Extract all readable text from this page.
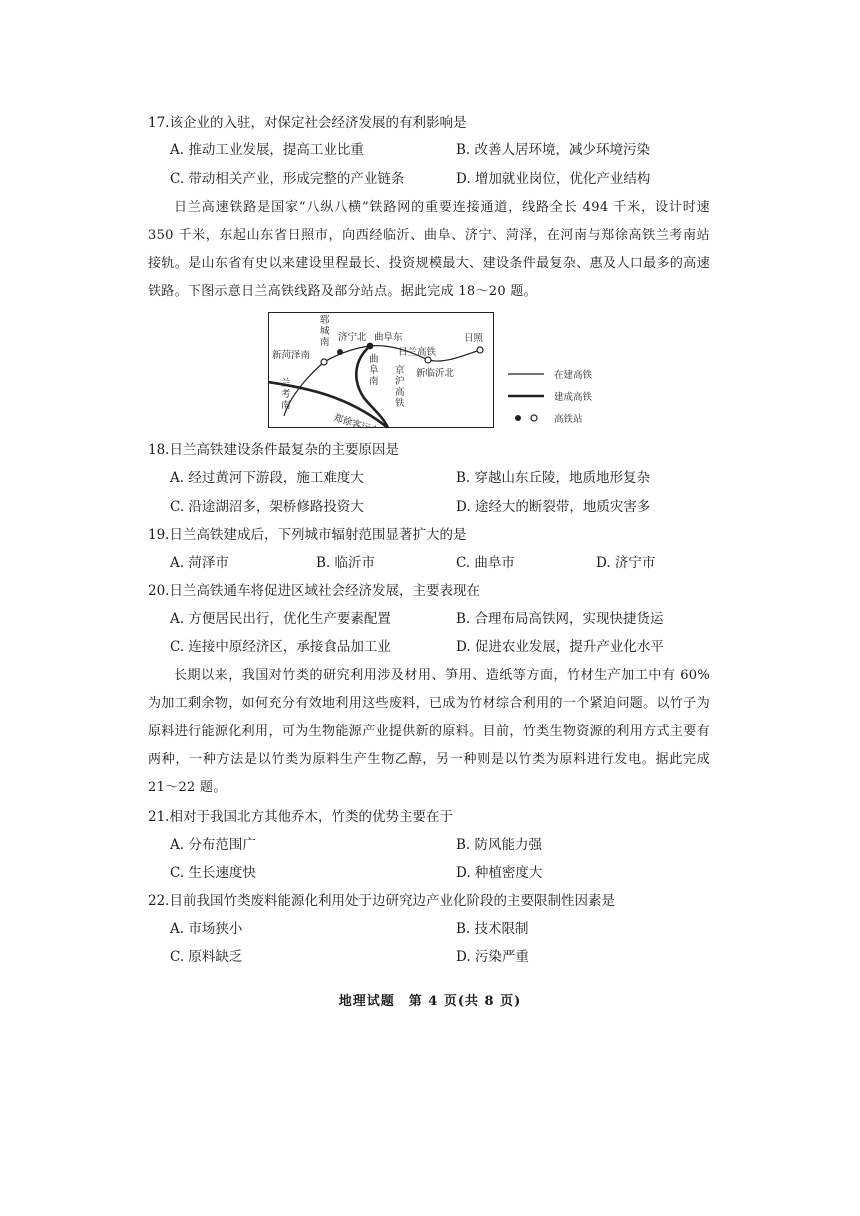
17.该企业的入驻，对保定社会经济发展的有利影响是
A. 推动工业发展，提高工业比重	B. 改善人居环境，减少环境污染
C. 带动相关产业，形成完整的产业链条	D. 增加就业岗位，优化产业结构
日兰高速铁路是国家“八纵八横”铁路网的重要连接通道，线路全长 494 千米，设计时速 350 千米，东起山东省日照市，向西经临沂、曲阜、济宁、菏泽，在河南与郑徐高铁兰考南站接轨。是山东省有史以来建设里程最长、投资规模最大、建设条件最复杂、惠及人口最多的高速铁路。下图示意日兰高铁线路及部分站点。据此完成 18～20 题。
济宁北 曲阜东
日兰高铁
日照
新菏泽南
新临沂北
郑徐客运专线
郓城南
曲阜南
京沪高铁
兰考南
在建高铁
建成高铁
高铁站
18.日兰高铁建设条件最复杂的主要原因是
A. 经过黄河下游段，施工难度大	B. 穿越山东丘陵，地质地形复杂
C. 沿途湖沼多，架桥修路投资大	D. 途经大的断裂带，地质灾害多
19.日兰高铁建成后，下列城市辐射范围显著扩大的是
A. 菏泽市	B. 临沂市	C. 曲阜市	D. 济宁市
20.日兰高铁通车将促进区域社会经济发展，主要表现在
A. 方便居民出行，优化生产要素配置	B. 合理布局高铁网，实现快捷货运
C. 连接中原经济区，承接食品加工业	D. 促进农业发展，提升产业化水平
长期以来，我国对竹类的研究利用涉及材用、笋用、造纸等方面，竹材生产加工中有 60% 为加工剩余物，如何充分有效地利用这些废料，已成为竹材综合利用的一个紧迫问题。以竹子为原料进行能源化利用，可为生物能源产业提供新的原料。目前，竹类生物资源的利用方式主要有两种，一种方法是以竹类为原料生产生物乙醇，另一种则是以竹类为原料进行发电。据此完成 21～22 题。
21.相对于我国北方其他乔木，竹类的优势主要在于
A. 分布范围广	B. 防风能力强
C. 生长速度快	D. 种植密度大
22.目前我国竹类废料能源化利用处于边研究边产业化阶段的主要限制性因素是
A. 市场狭小	B. 技术限制
C. 原料缺乏	D. 污染严重
地理试题　第 4 页(共 8 页)
